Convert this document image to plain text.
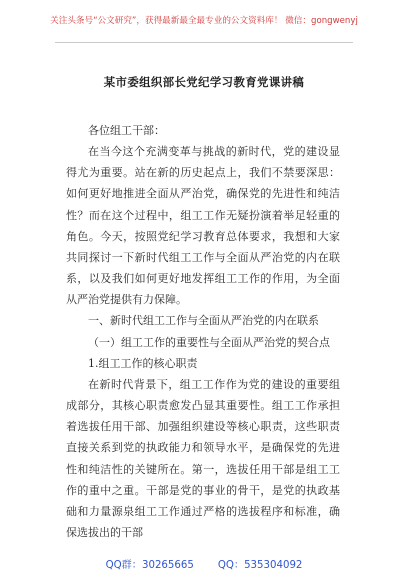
关注头条号“公文研究”，获得最新最全最专业的公文资料库！ 微信：gongwenyj
某市委组织部长党纪学习教育党课讲稿

各位组工干部：

在当今这个充满变革与挑战的新时代，党的建设显得尤为重要。站在新的历史起点上，我们不禁要深思：如何更好地推进全面从严治党，确保党的先进性和纯洁性？而在这个过程中，组工工作无疑扮演着举足轻重的角色。今天，按照党纪学习教育总体要求，我想和大家共同探讨一下新时代组工工作与全面从严治党的内在联系，以及我们如何更好地发挥组工工作的作用，为全面从严治党提供有力保障。

一、新时代组工工作与全面从严治党的内在联系

（一）组工工作的重要性与全面从严治党的契合点

1.组工工作的核心职责

在新时代背景下，组工工作作为党的建设的重要组成部分，其核心职责愈发凸显其重要性。组工工作承担着选拔任用干部、加强组织建设等核心职责，这些职责直接关系到党的执政能力和领导水平，是确保党的先进性和纯洁性的关键所在。第一，选拔任用干部是组工工作的重中之重。干部是党的事业的骨干，是党的执政基础和力量源泉组工工作通过严格的选拔程序和标准，确保选拔出的干部

QQ群：30265665 QQ：535304092
